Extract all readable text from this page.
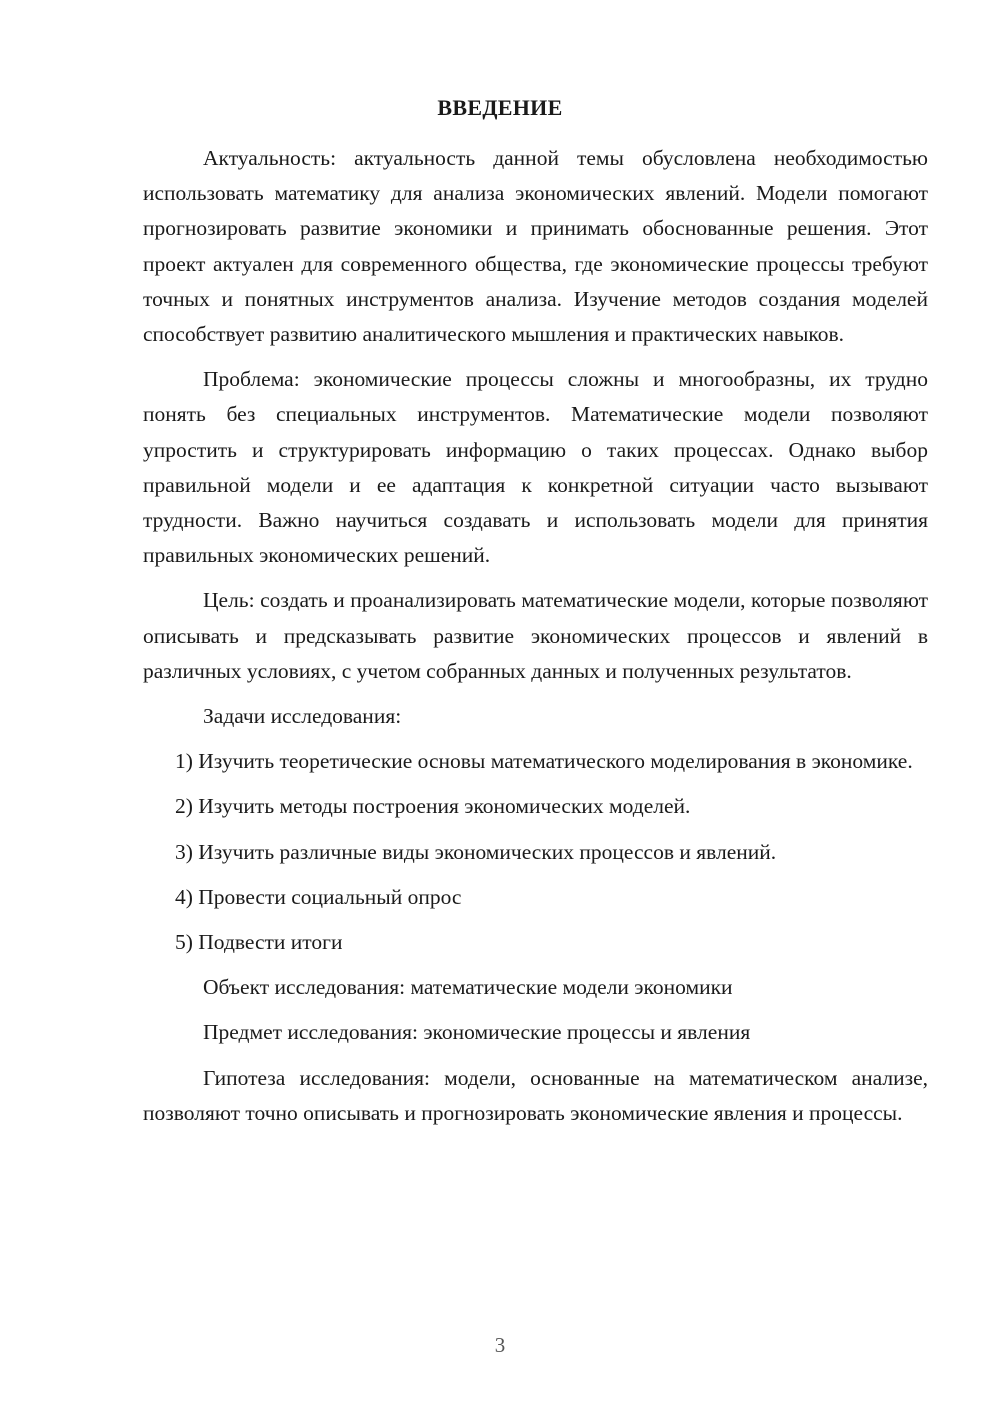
ВВЕДЕНИЕ

Актуальность: актуальность данной темы обусловлена необходимостью использовать математику для анализа экономических явлений. Модели помогают прогнозировать развитие экономики и принимать обоснованные решения. Этот проект актуален для современного общества, где экономические процессы требуют точных и понятных инструментов анализа. Изучение методов создания моделей способствует развитию аналитического мышления и практических навыков.

Проблема: экономические процессы сложны и многообразны, их трудно понять без специальных инструментов. Математические модели позволяют упростить и структурировать информацию о таких процессах. Однако выбор правильной модели и ее адаптация к конкретной ситуации часто вызывают трудности. Важно научиться создавать и использовать модели для принятия правильных экономических решений.

Цель: создать и проанализировать математические модели, которые позволяют описывать и предсказывать развитие экономических процессов и явлений в различных условиях, с учетом собранных данных и полученных результатов.

Задачи исследования:

1) Изучить теоретические основы математического моделирования в экономике.

2) Изучить методы построения экономических моделей.

3) Изучить различные виды экономических процессов и явлений.

4) Провести социальный опрос

5) Подвести итоги

Объект исследования: математические модели экономики

Предмет исследования: экономические процессы и явления

Гипотеза исследования: модели, основанные на математическом анализе, позволяют точно описывать и прогнозировать экономические явления и процессы.

3
